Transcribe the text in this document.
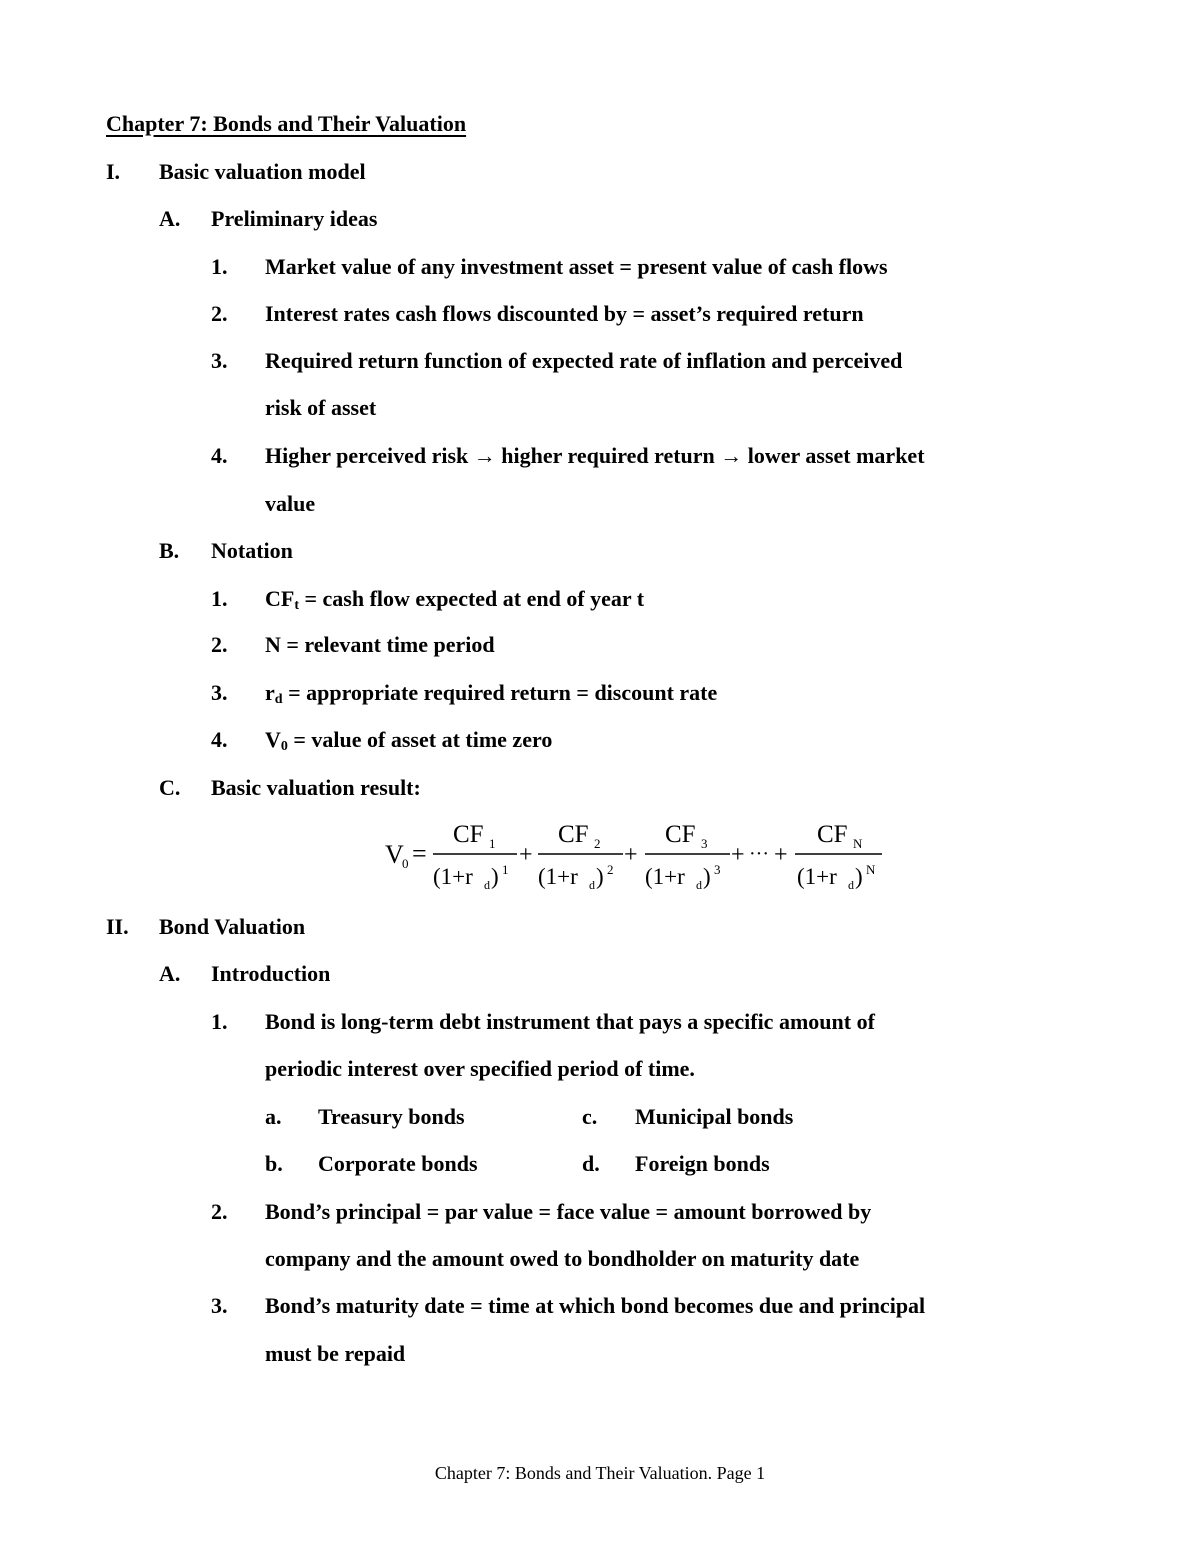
Chapter 7: Bonds and Their Valuation
I. Basic valuation model
A. Preliminary ideas
1. Market value of any investment asset = present value of cash flows
2. Interest rates cash flows discounted by = asset’s required return
3. Required return function of expected rate of inflation and perceived
risk of asset
4. Higher perceived risk → higher required return → lower asset market
value
B. Notation
1. $CF_t$ = cash flow expected at end of year t
2. N = relevant time period
3. $r_d$ = appropriate required return = discount rate
4. $V_0$ = value of asset at time zero
C. Basic valuation result:
V
0 =
CF 1
(1+r d ) 1
+
CF 2
(1+r d ) 2
+
CF 3
(1+r d ) 3
+ ··· +
CF N
(1+r d ) N
II. Bond Valuation
A. Introduction
1. Bond is long-term debt instrument that pays a specific amount of
periodic interest over specified period of time.
a. Treasury bonds	c. Municipal bonds
b. Corporate bonds	d. Foreign bonds
2. Bond’s principal = par value = face value = amount borrowed by
company and the amount owed to bondholder on maturity date
3. Bond’s maturity date = time at which bond becomes due and principal
must be repaid
Chapter 7: Bonds and Their Valuation. Page 1
